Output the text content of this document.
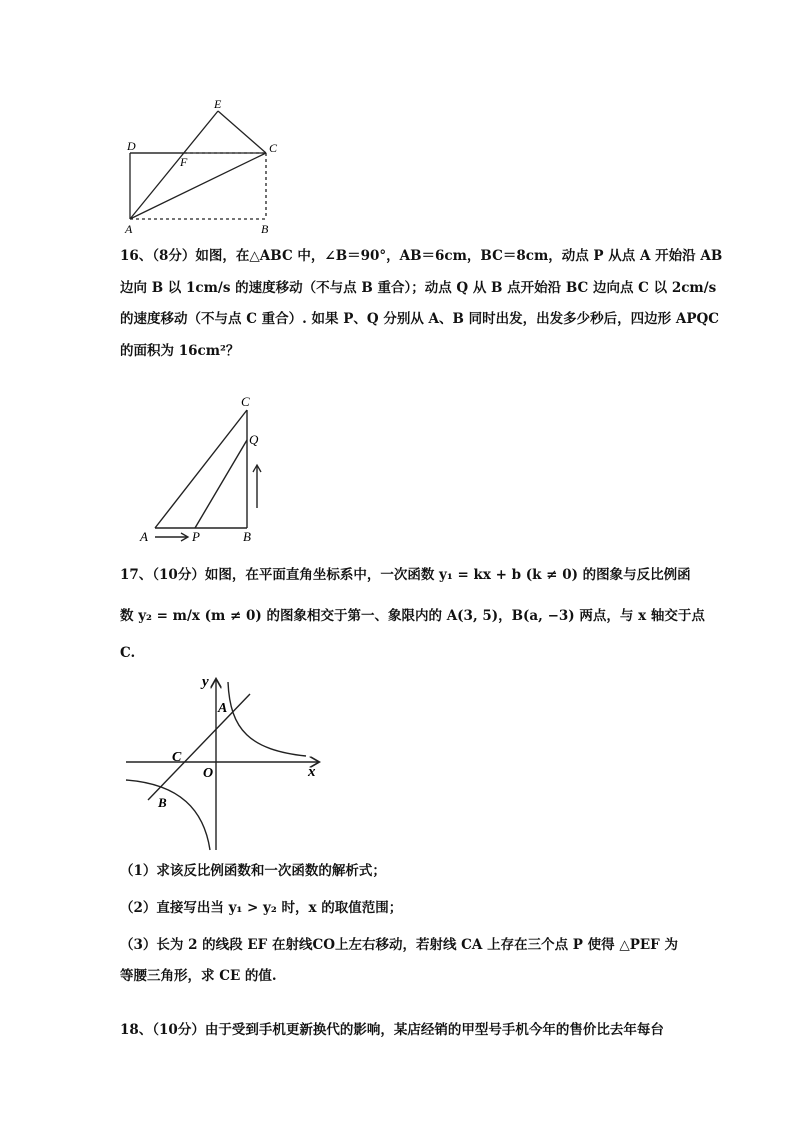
E
D
F
C
A	B
16、（8分）如图，在△ABC 中，∠B＝90°，AB＝6cm，BC＝8cm，动点 P 从点 A 开始沿 AB
边向 B 以 1cm/s 的速度移动（不与点 B 重合）；动点 Q 从 B 点开始沿 BC 边向点 C 以 2cm/s
的速度移动（不与点 C 重合）. 如果 P、Q 分别从 A、B 同时出发，出发多少秒后，四边形 APQC
的面积为 16cm²？
C
Q
A	P	B
17、（10分）如图，在平面直角坐标系中，一次函数 y₁ = kx + b (k ≠ 0) 的图象与反比例函
数 y₂ = m/x (m ≠ 0) 的图象相交于第一、象限内的 A(3, 5)，B(a, −3) 两点，与 x 轴交于点
C.
y
x
A
C
O
B
（1）求该反比例函数和一次函数的解析式；
（2）直接写出当 y₁ > y₂ 时，x 的取值范围；
（3）长为 2 的线段 EF 在射线CO上左右移动，若射线 CA 上存在三个点 P 使得 △PEF 为
等腰三角形，求 CE 的值.
18、（10分）由于受到手机更新换代的影响，某店经销的甲型号手机今年的售价比去年每台
